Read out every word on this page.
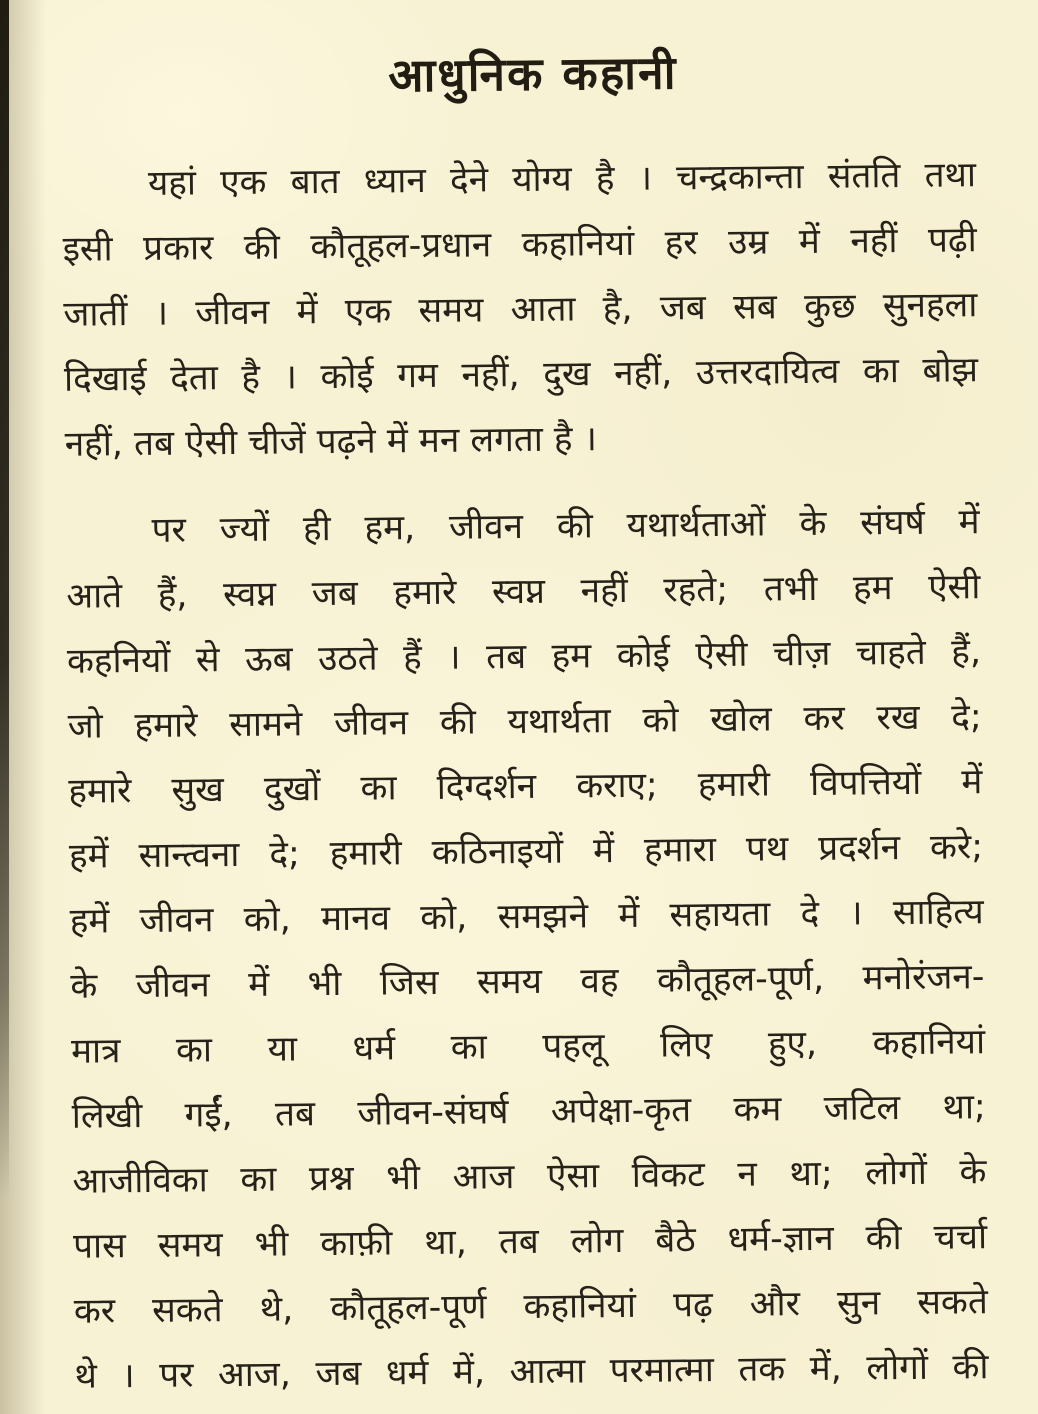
आधुनिक कहानी
यहां एक बात ध्यान देने योग्य है । चन्द्रकान्ता संतति तथा
इसी प्रकार की कौतूहल-प्रधान कहानियां हर उम्र में नहीं पढ़ी
जातीं । जीवन में एक समय आता है, जब सब कुछ सुनहला
दिखाई देता है । कोई गम नहीं, दुख नहीं, उत्तरदायित्व का बोझ
नहीं, तब ऐसी चीजें पढ़ने में मन लगता है ।
पर ज्यों ही हम, जीवन की यथार्थताओं के संघर्ष में
आते हैं, स्वप्न जब हमारे स्वप्न नहीं रहते; तभी हम ऐसी
कहनियों से ऊब उठते हैं । तब हम कोई ऐसी चीज़ चाहते हैं,
जो हमारे सामने जीवन की यथार्थता को खोल कर रख दे;
हमारे सुख दुखों का दिग्दर्शन कराए; हमारी विपत्तियों में
हमें सान्त्वना दे; हमारी कठिनाइयों में हमारा पथ प्रदर्शन करे;
हमें जीवन को, मानव को, समझने में सहायता दे । साहित्य
के जीवन में भी जिस समय वह कौतूहल-पूर्ण, मनोरंजन-
मात्र का या धर्म का पहलू लिए हुए, कहानियां
लिखी गईं, तब जीवन-संघर्ष अपेक्षा-कृत कम जटिल था;
आजीविका का प्रश्न भी आज ऐसा विकट न था; लोगों के
पास समय भी काफ़ी था, तब लोग बैठे धर्म-ज्ञान की चर्चा
कर सकते थे, कौतूहल-पूर्ण कहानियां पढ़ और सुन सकते
थे । पर आज, जब धर्म में, आत्मा परमात्मा तक में, लोगों की
